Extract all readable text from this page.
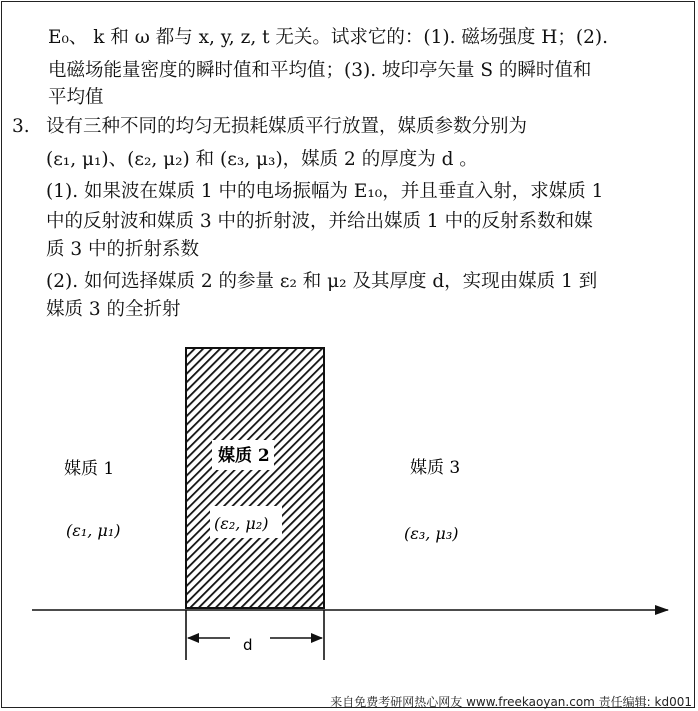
E₀、 k 和 ω 都与 x, y, z, t 无关。试求它的：(1). 磁场强度 H；(2).
电磁场能量密度的瞬时值和平均值；(3). 坡印亭矢量 S 的瞬时值和
平均值
3. 设有三种不同的均匀无损耗媒质平行放置，媒质参数分别为
(ε₁, μ₁)、(ε₂, μ₂) 和 (ε₃, μ₃)，媒质 2 的厚度为 d 。
(1). 如果波在媒质 1 中的电场振幅为 E₁₀，并且垂直入射，求媒质 1
中的反射波和媒质 3 中的折射波，并给出媒质 1 中的反射系数和媒
质 3 中的折射系数
(2). 如何选择媒质 2 的参量 ε₂ 和 μ₂ 及其厚度 d，实现由媒质 1 到
媒质 3 的全折射
媒质 1
(ε₁, μ₁)
媒质 2
(ε₂, μ₂)
媒质 3
(ε₃, μ₃)
d
来自免费考研网热心网友 www.freekaoyan.com 责任编辑: kd001
